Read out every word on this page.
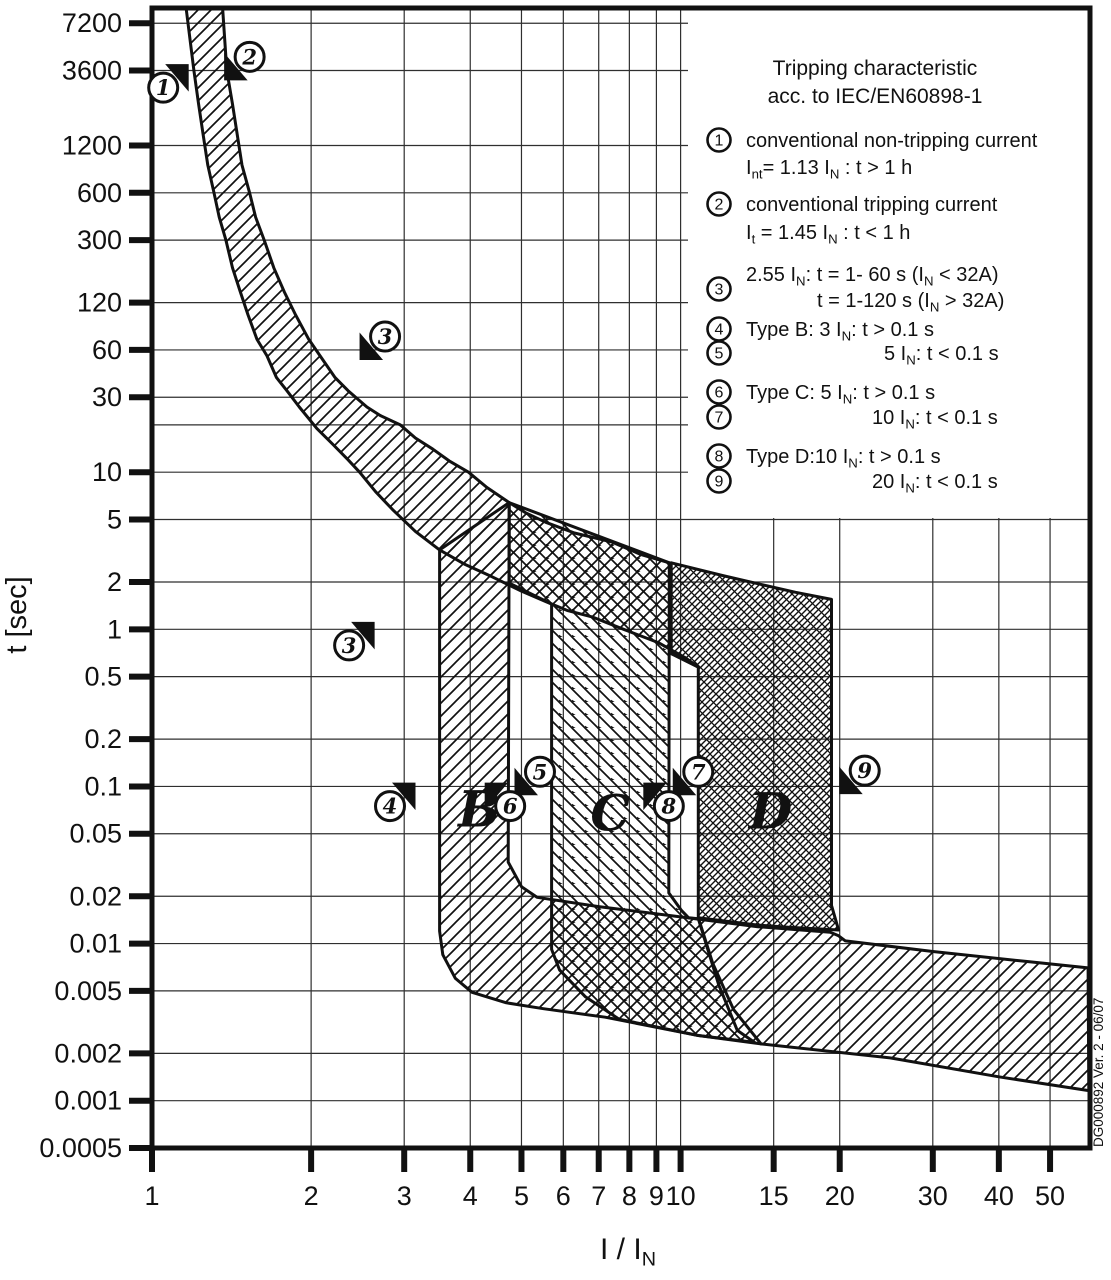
1	2	3 4 5 6 7 8 9 10 15 20 30 40 50
7200
3600
1200
600
300
120
60
30
10
5
2
1
0.5
0.2
0.1
0.05
0.02
0.01
0.005
0.002
0.001
0.0005
1
2
3
3
4
5
6
7
8
9
B C D
t [sec]
I / $I_N$
Tripping characteristic
acc. to IEC/EN60898-1
1 conventional non-tripping current
$I_{nt}= 1.13$ $I_N$ : t > 1 h
2 conventional tripping current
$I_t = 1.45$ $I_N$ : t < 1 h
3
2.55 $I_N$: t = 1- 60 s $(I_N < 32A)$
t = 1-120 s $(I_N > 32A)$
4 Type B: 3 $I_N$: t > 0.1 s
5	5 $I_N$: t < 0.1 s
6 Type C: 5 $I_N$: t > 0.1 s
7	10 $I_N$: t < 0.1 s
8 Type D:10 $I_N$: t > 0.1 s
9	20 $I_N$: t < 0.1 s
DG000892 Ver. 2 - 06/07
